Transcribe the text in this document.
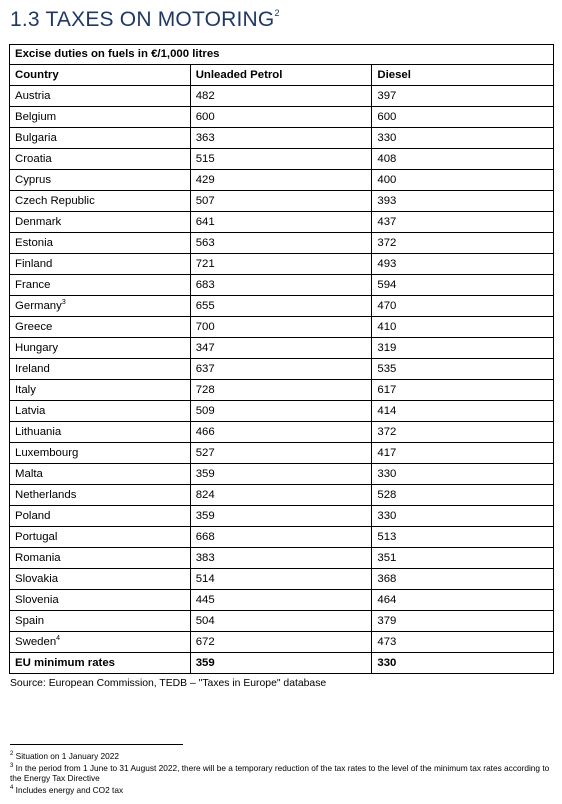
1.3 TAXES ON MOTORING$^2$
Excise duties on fuels in €/1,000 litres		
Country	Unleaded Petrol	Diesel
Austria	482	397
Belgium	600	600
Bulgaria	363	330
Croatia	515	408
Cyprus	429	400
Czech Republic	507	393
Denmark	641	437
Estonia	563	372
Finland	721	493
France	683	594
Germany$^3$	655	470
Greece	700	410
Hungary	347	319
Ireland	637	535
Italy	728	617
Latvia	509	414
Lithuania	466	372
Luxembourg	527	417
Malta	359	330
Netherlands	824	528
Poland	359	330
Portugal	668	513
Romania	383	351
Slovakia	514	368
Slovenia	445	464
Spain	504	379
Sweden$^4$	672	473
EU minimum rates	359	330
Source: European Commission, TEDB – "Taxes in Europe" database
$^2$ Situation on 1 January 2022
$^3$ In the period from 1 June to 31 August 2022, there will be a temporary reduction of the tax rates to the level of the minimum tax rates according to the Energy Tax Directive
$^4$ Includes energy and CO2 tax
